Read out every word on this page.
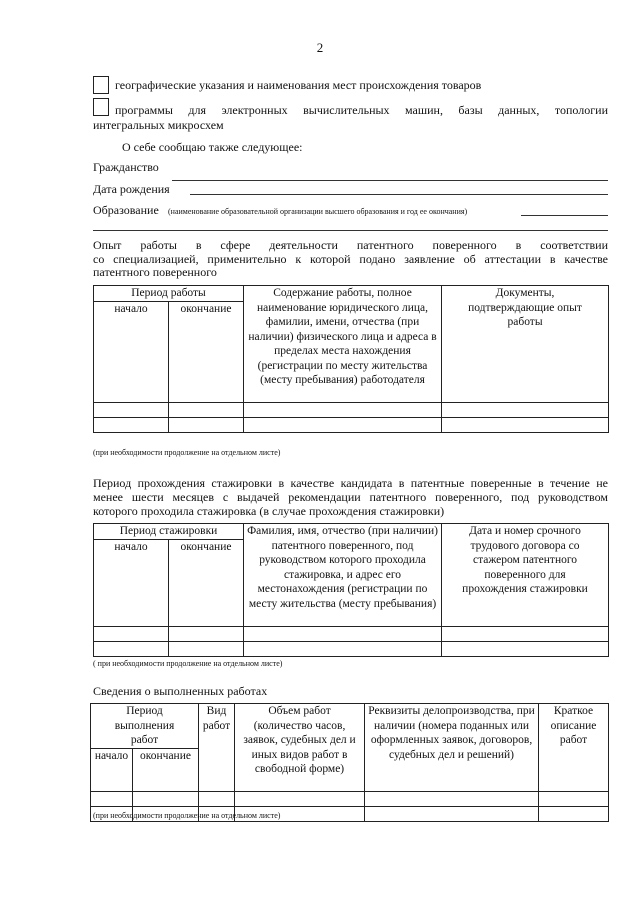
2
географические указания и наименования мест происхождения товаров
программы для электронных вычислительных машин, базы данных, топологии
интегральных микросхем
О себе сообщаю также следующее:
Гражданство
Дата рождения
Образование (наименование образовательной организации высшего образования и год ее окончания)
Опыт работы в сфере деятельности патентного поверенного в соответствии
со специализацией, применительно к которой подано заявление об аттестации в качестве
патентного поверенного
Период работы		Содержание работы, полное наименование юридического лица, фамилии, имени, отчества (при наличии) физического лица и адреса в пределах места нахождения (регистрации по месту жительства (месту пребывания) работодателя	Документы, подтверждающие опыт работы
начало	окончание		

(при необходимости продолжение на отдельном листе)
Период прохождения стажировки в качестве кандидата в патентные поверенные в течение не
менее шести месяцев с выдачей рекомендации патентного поверенного, под руководством
которого проходила стажировка (в случае прохождения стажировки)
Период стажировки		Фамилия, имя, отчество (при наличии) патентного поверенного, под руководством которого проходила стажировка, и адрес его местонахождения (регистрации по месту жительства (месту пребывания)	Дата и номер срочного трудового договора со стажером патентного поверенного для прохождения стажировки
начало	окончание		

( при необходимости продолжение на отдельном листе)
Сведения о выполненных работах
Период выполнения работ		Вид работ	Объем работ (количество часов, заявок, судебных дел и иных видов работ в свободной форме)	Реквизиты делопроизводства, при наличии (номера поданных или оформленных заявок, договоров, судебных дел и решений)	Краткое описание работ
начало	окончание				

(при необходимости продолжение на отдельном листе)
